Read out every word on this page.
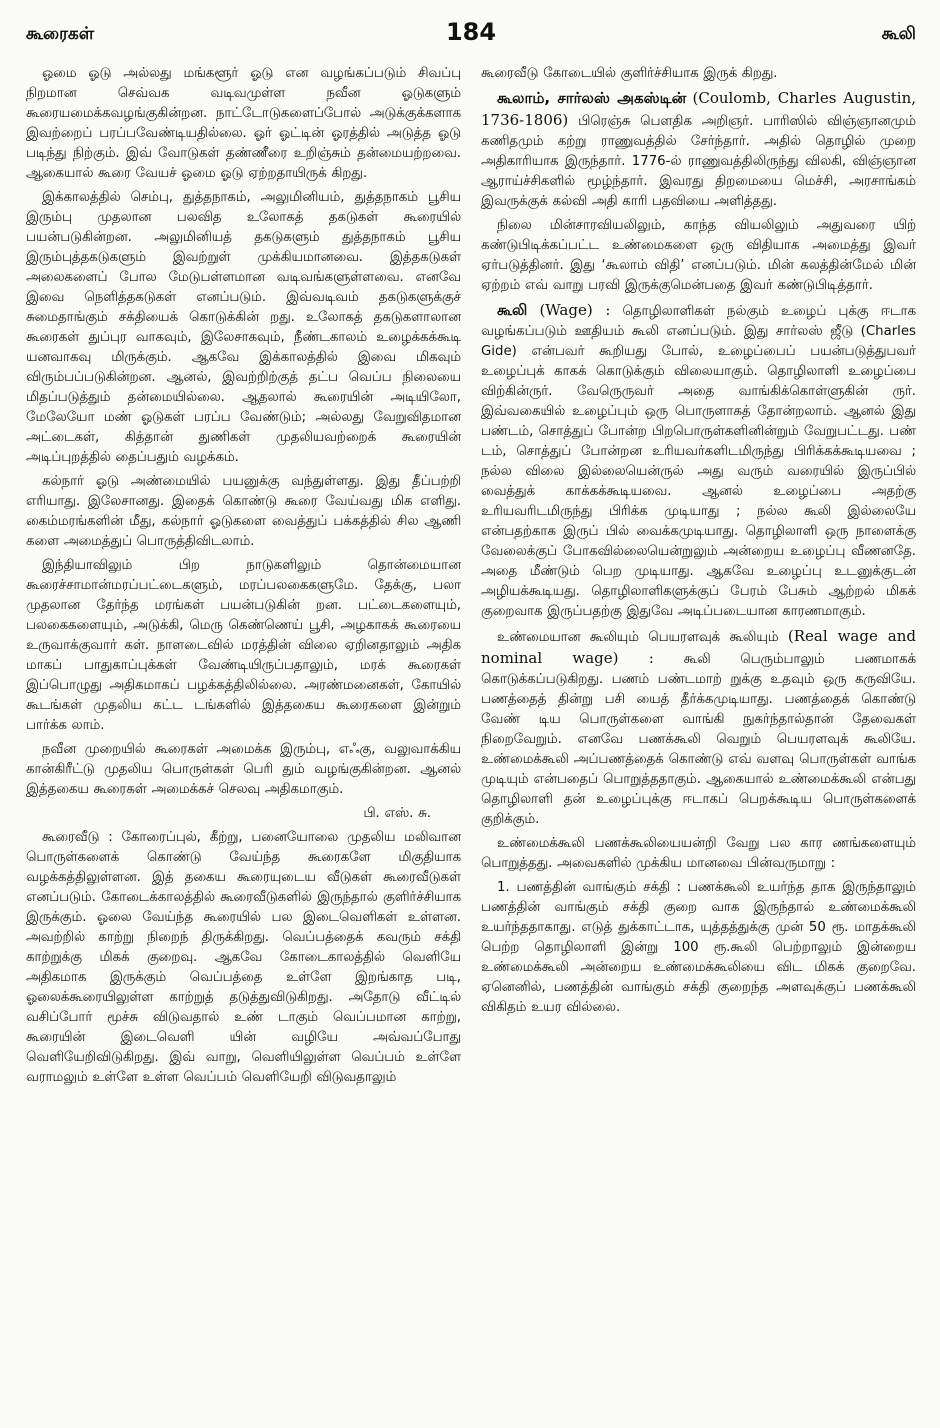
கூரைகள்	184	கூலி

ஓமை ஓடு அல்லது மங்களூர் ஓடு என வழங்கப்படும் சிவப்பு நிறமான செவ்வக வடிவமுள்ள நவீன ஓடுகளும் கூரையமைக்கவழங்குகின்றன. நாட்டோடுகளைப்போல் அடுக்குக்களாக இவற்றைப் பரப்பவேண்டியதில்லை. ஓர் ஓட்டின் ஓரத்தில் அடுத்த ஓடு படிந்து நிற்கும். இவ் வோடுகள் தண்ணீரை உறிஞ்சும் தன்மையற்றவை. ஆகையால் கூரை வேயச் ஓமை ஓடு ஏற்றதாயிருக் கிறது.

இக்காலத்தில் செம்பு, துத்தநாகம், அலுமினியம், துத்தநாகம் பூசிய இரும்பு முதலான பலவித உலோகத் தகடுகள் கூரையில் பயன்படுகின்றன. அலுமினியத் தகடுகளும் துத்தநாகம் பூசிய இரும்புத்தகடுகளும் இவற்றுள் முக்கியமானவை. இத்தகடுகள் அலைகளைப் போல மேடுபள்ளமான வடிவங்களுள்ளவை. எனவே இவை நெளித்தகடுகள் எனப்படும். இவ்வடிவம் தகடுகளுக்குச் சுமைதாங்கும் சக்தியைக் கொடுக்கின் றது. உலோகத் தகடுகளாலான கூரைகள் துப்புர வாகவும், இலேசாகவும், நீண்டகாலம் உழைக்கக்கூடி யனவாகவு மிருக்கும். ஆகவே இக்காலத்தில் இவை மிகவும் விரும்பப்படுகின்றன. ஆனல், இவற்றிற்குத் தட்ப வெப்ப நிலையை மிதப்படுத்தும் தன்மையில்லை. ஆதலால் கூரையின் அடியிலோ, மேலேயோ மண் ஓடுகள் பரப்ப வேண்டும்; அல்லது வேறுவிதமான அட்டைகள், கித்தான் துணிகள் முதலியவற்றைக் கூரையின் அடிப்புறத்தில் தைப்பதும் வழக்கம்.

கல்நார் ஓடு அண்மையில் பயனுக்கு வந்துள்ளது. இது தீப்பற்றி எரியாது. இலேசானது. இதைக் கொண்டு கூரை வேய்வது மிக எளிது. கைம்மரங்களின் மீது, கல்நார் ஓடுகளை வைத்துப் பக்கத்தில் சில ஆணி களை அமைத்துப் பொருத்திவிடலாம்.

இந்தியாவிலும் பிற நாடுகளிலும் தொன்மையான கூரைச்சாமான்மரப்பட்டைகளும், மரப்பலகைகளுமே. தேக்கு, பலா முதலான தேர்ந்த மரங்கள் பயன்படுகின் றன. பட்டைகளையும், பலகைகளையும், அடுக்கி, மெரு கெண்ணெய் பூசி, அழகாகக் கூரையை உருவாக்குவார் கள். நாளடைவில் மரத்தின் விலை ஏறினதாலும் அதிக மாகப் பாதுகாப்புக்கள் வேண்டியிருப்பதாலும், மரக் கூரைகள் இப்பொழுது அதிகமாகப் பழக்கத்திலில்லை. அரண்மனைகள், கோயில் கூடங்கள் முதலிய கட்ட டங்களில் இத்தகைய கூரைகளை இன்றும் பார்க்க லாம்.

நவீன முறையில் கூரைகள் அமைக்க இரும்பு, எஃகு, வலுவாக்கிய கான்கிரீட்டு முதலிய பொருள்கள் பெரி தும் வழங்குகின்றன. ஆனல் இத்தகைய கூரைகள் அமைக்கச் செலவு அதிகமாகும்.

பி. எஸ். சு.

கூரைவீடு : கோரைப்புல், கீற்று, பனையோலை முதலிய மலிவான பொருள்களைக் கொண்டு வேய்ந்த கூரைகளே மிகுதியாக வழக்கத்திலுள்ளன. இத் தகைய கூரையுடைய வீடுகள் கூரைவீடுகள் எனப்படும். கோடைக்காலத்தில் கூரைவீடுகளில் இருந்தால் குளிர்ச்சியாக இருக்கும். ஓலை வேய்ந்த கூரையில் பல இடைவெளிகள் உள்ளன. அவற்றில் காற்று நிறைந் திருக்கிறது. வெப்பத்தைக் கவரும் சக்தி காற்றுக்கு மிகக் குறைவு. ஆகவே கோடைகாலத்தில் வெளியே அதிகமாக இருக்கும் வெப்பத்தை உள்ளே இறங்காத படி, ஓலைக்கூரையிலுள்ள காற்றுத் தடுத்துவிடுகிறது. அதோடு வீட்டில் வசிப்போர் மூச்சு விடுவதால் உண் டாகும் வெப்பமான காற்று, கூரையின் இடைவெளி யின் வழியே அவ்வப்போது வெளியேறிவிடுகிறது. இவ் வாறு, வெளியிலுள்ள வெப்பம் உள்ளே வராமலும் உள்ளே உள்ள வெப்பம் வெளியேறி விடுவதாலும்

கூரைவீடு கோடையில் குளிர்ச்சியாக இருக் கிறது.

கூலாம், சார்லஸ் அகஸ்டின் (Coulomb, Charles Augustin, 1736-1806) பிரெஞ்சு பௌதிக அறிஞர். பாரிஸில் விஞ்ஞானமும் கணிதமும் கற்று ராணுவத்தில் சேர்ந்தார். அதில் தொழில் முறை அதிகாரியாக இருந்தார். 1776-ல் ராணுவத்திலிருந்து விலகி, விஞ்ஞான ஆராய்ச்சிகளில் மூழ்ந்தார். இவரது திறமையை மெச்சி, அரசாங்கம் இவருக்குக் கல்வி அதி காரி பதவியை அளித்தது.

நிலை மின்சாரவியலிலும், காந்த வியலிலும் அதுவரை யிற் கண்டுபிடிக்கப்பட்ட உண்மைகளை ஒரு விதியாக அமைத்து இவர் ஏர்படுத்தினர். இது ‘கூலாம் விதி’ எனப்படும். மின் கலத்தின்மேல் மின் ஏற்றம் எவ் வாறு பரவி இருக்குமென்பதை இவர் கண்டுபிடித்தார்.

கூலி (Wage) : தொழிலாளிகள் நல்கும் உழைப் புக்கு ஈடாக வழங்கப்படும் ஊதியம் கூலி எனப்படும். இது சார்லஸ் ஜீடு (Charles Gide) என்பவர் கூறியது போல், உழைப்பைப் பயன்படுத்துபவர் உழைப்புக் காகக் கொடுக்கும் விலையாகும். தொழிலாளி உழைப்பை விற்கின்ருர். வேருெருவர் அதை வாங்கிக்கொள்ளுகின் ருர். இவ்வகையில் உழைப்பும் ஒரு பொருளாகத் தோன்றலாம். ஆனல் இது பண்டம், சொத்துப் போன்ற பிறபொருள்களினின்றும் வேறுபட்டது. பண் டம், சொத்துப் போன்றன உரியவர்களிடமிருந்து பிரிக்கக்கூடியவை ; நல்ல விலை இல்லையென்ருல் அது வரும் வரையில் இருப்பில் வைத்துக் காக்கக்கூடியவை. ஆனல் உழைப்பை அதற்கு உரியவரிடமிருந்து பிரிக்க முடியாது ; நல்ல கூலி இல்லையே என்பதற்காக இருப் பில் வைக்கமுடியாது. தொழிலாளி ஒரு நாளைக்கு வேலைக்குப் போகவில்லையென்றுலும் அன்றைய உழைப்பு வீணனதே. அதை மீண்டும் பெற முடியாது. ஆகவே உழைப்பு உடனுக்குடன் அழியக்கூடியது. தொழிலாளிகளுக்குப் பேரம் பேசும் ஆற்றல் மிகக் குறைவாக இருப்பதற்கு இதுவே அடிப்படையான காரணமாகும்.

உண்மையான கூலியும் பெயரளவுக் கூலியும் (Real wage and nominal wage) : கூலி பெரும்பாலும் பணமாகக் கொடுக்கப்படுகிறது. பணம் பண்டமாற் றுக்கு உதவும் ஒரு கருவியே. பணத்தைத் தின்று பசி யைத் தீர்க்கமுடியாது. பணத்தைக் கொண்டு வேண் டிய பொருள்களை வாங்கி நுகர்ந்தால்தான் தேவைகள் நிறைவேறும். எனவே பணக்கூலி வெறும் பெயரளவுக் கூலியே. உண்மைக்கூலி அப்பணத்தைக் கொண்டு எவ் வளவு பொருள்கள் வாங்க முடியும் என்பதைப் பொறுத்ததாகும். ஆகையால் உண்மைக்கூலி என்பது தொழிலாளி தன் உழைப்புக்கு ஈடாகப் பெறக்கூடிய பொருள்களைக் குறிக்கும்.

உண்மைக்கூலி பணக்கூலியையன்றி வேறு பல கார ணங்களையும் பொறுத்தது. அவைகளில் முக்கிய மானவை பின்வருமாறு :

1. பணத்தின் வாங்கும் சக்தி : பணக்கூலி உயர்ந்த தாக இருந்தாலும் பணத்தின் வாங்கும் சக்தி குறை வாக இருந்தால் உண்மைக்கூலி உயர்ந்ததாகாது. எடுத் துக்காட்டாக, யுத்தத்துக்கு முன் 50 ரூ. மாதக்கூலி பெற்ற தொழிலாளி இன்று 100 ரூ.கூலி பெற்றாலும் இன்றைய உண்மைக்கூலி அன்றைய உண்மைக்கூலியை விட மிகக் குறைவே. ஏனெனில், பணத்தின் வாங்கும் சக்தி குறைந்த அளவுக்குப் பணக்கூலி விகிதம் உயர வில்லை.
